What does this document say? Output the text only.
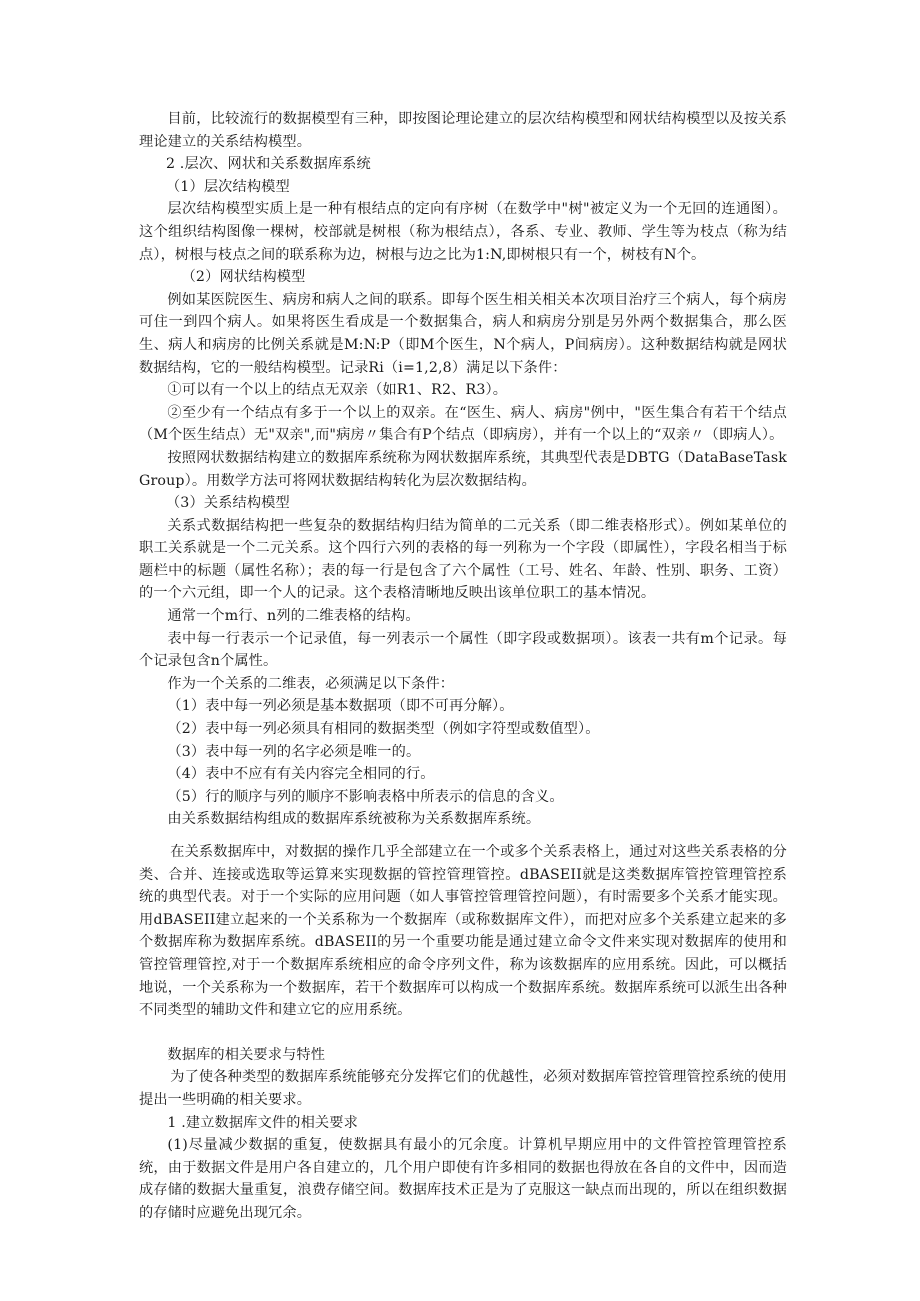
目前，比较流行的数据模型有三种，即按图论理论建立的层次结构模型和网状结构模型以及按关系理论建立的关系结构模型。

2 .层次、网状和关系数据库系统

（1）层次结构模型

层次结构模型实质上是一种有根结点的定向有序树（在数学中"树"被定义为一个无回的连通图）。这个组织结构图像一棵树，校部就是树根（称为根结点），各系、专业、教师、学生等为枝点（称为结点），树根与枝点之间的联系称为边，树根与边之比为1:N,即树根只有一个，树枝有N个。

（2）网状结构模型

例如某医院医生、病房和病人之间的联系。即每个医生相关相关本次项目治疗三个病人，每个病房可住一到四个病人。如果将医生看成是一个数据集合，病人和病房分别是另外两个数据集合，那么医生、病人和病房的比例关系就是M:N:P（即M个医生，N个病人，P间病房）。这种数据结构就是网状数据结构，它的一般结构模型。记录Ri（i=1,2,8）满足以下条件：

①可以有一个以上的结点无双亲（如R1、R2、R3）。

②至少有一个结点有多于一个以上的双亲。在“医生、病人、病房"例中，"医生集合有若干个结点（M个医生结点）无"双亲",而"病房〃集合有P个结点（即病房），并有一个以上的“双亲〃（即病人）。

按照网状数据结构建立的数据库系统称为网状数据库系统，其典型代表是DBTG（DataBaseTaskGroup）。用数学方法可将网状数据结构转化为层次数据结构。

（3）关系结构模型

关系式数据结构把一些复杂的数据结构归结为简单的二元关系（即二维表格形式）。例如某单位的职工关系就是一个二元关系。这个四行六列的表格的每一列称为一个字段（即属性），字段名相当于标题栏中的标题（属性名称）；表的每一行是包含了六个属性（工号、姓名、年龄、性别、职务、工资）的一个六元组，即一个人的记录。这个表格清晰地反映出该单位职工的基本情况。

通常一个m行、n列的二维表格的结构。

表中每一行表示一个记录值，每一列表示一个属性（即字段或数据项）。该表一共有m个记录。每个记录包含n个属性。

作为一个关系的二维表，必须满足以下条件：

（1）表中每一列必须是基本数据项（即不可再分解）。

（2）表中每一列必须具有相同的数据类型（例如字符型或数值型）。

（3）表中每一列的名字必须是唯一的。

（4）表中不应有有关内容完全相同的行。

（5）行的顺序与列的顺序不影响表格中所表示的信息的含义。

由关系数据结构组成的数据库系统被称为关系数据库系统。

在关系数据库中，对数据的操作几乎全部建立在一个或多个关系表格上，通过对这些关系表格的分类、合并、连接或选取等运算来实现数据的管控管理管控。dBASEII就是这类数据库管控管理管控系统的典型代表。对于一个实际的应用问题（如人事管控管理管控问题），有时需要多个关系才能实现。用dBASEII建立起来的一个关系称为一个数据库（或称数据库文件），而把对应多个关系建立起来的多个数据库称为数据库系统。dBASEII的另一个重要功能是通过建立命令文件来实现对数据库的使用和管控管理管控,对于一个数据库系统相应的命令序列文件，称为该数据库的应用系统。因此，可以概括地说，一个关系称为一个数据库，若干个数据库可以构成一个数据库系统。数据库系统可以派生出各种不同类型的辅助文件和建立它的应用系统。

数据库的相关要求与特性

为了使各种类型的数据库系统能够充分发挥它们的优越性，必须对数据库管控管理管控系统的使用提出一些明确的相关要求。

1 .建立数据库文件的相关要求

(1)尽量减少数据的重复，使数据具有最小的冗余度。计算机早期应用中的文件管控管理管控系统，由于数据文件是用户各自建立的，几个用户即使有许多相同的数据也得放在各自的文件中，因而造成存储的数据大量重复，浪费存储空间。数据库技术正是为了克服这一缺点而出现的，所以在组织数据的存储时应避免出现冗余。
